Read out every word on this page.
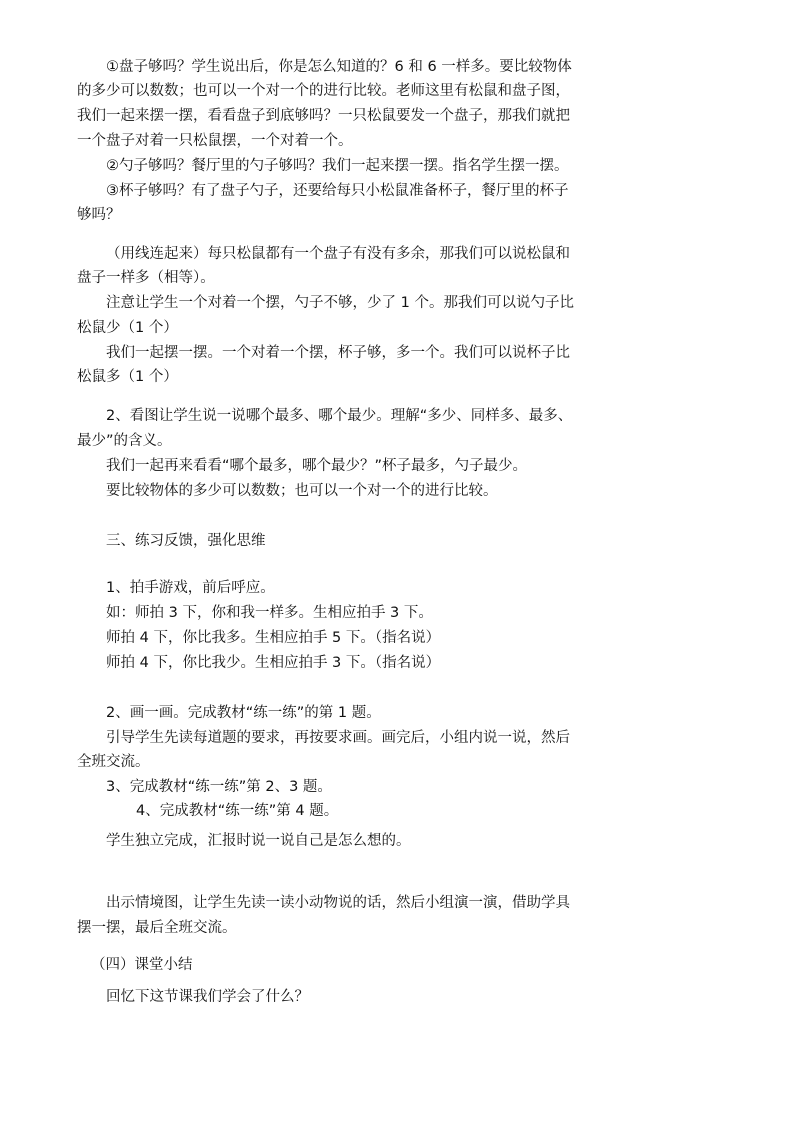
①盘子够吗？学生说出后，你是怎么知道的？6 和 6 一样多。要比较物体
的多少可以数数；也可以一个对一个的进行比较。老师这里有松鼠和盘子图，
我们一起来摆一摆，看看盘子到底够吗？一只松鼠要发一个盘子，那我们就把
一个盘子对着一只松鼠摆，一个对着一个。
②勺子够吗？餐厅里的勺子够吗？我们一起来摆一摆。指名学生摆一摆。
③杯子够吗？有了盘子勺子，还要给每只小松鼠准备杯子，餐厅里的杯子
够吗？
（用线连起来）每只松鼠都有一个盘子有没有多余，那我们可以说松鼠和
盘子一样多（相等）。
注意让学生一个对着一个摆，勺子不够，少了 1 个。那我们可以说勺子比
松鼠少（1 个）
我们一起摆一摆。一个对着一个摆，杯子够，多一个。我们可以说杯子比
松鼠多（1 个）
2、看图让学生说一说哪个最多、哪个最少。理解“多少、同样多、最多、
最少”的含义。
我们一起再来看看“哪个最多，哪个最少？”杯子最多，勺子最少。
要比较物体的多少可以数数；也可以一个对一个的进行比较。
三、练习反馈，强化思维
1、拍手游戏，前后呼应。
如：师拍 3 下，你和我一样多。生相应拍手 3 下。
师拍 4 下，你比我多。生相应拍手 5 下。（指名说）
师拍 4 下，你比我少。生相应拍手 3 下。（指名说）
2、画一画。完成教材“练一练”的第 1 题。
引导学生先读每道题的要求，再按要求画。画完后，小组内说一说，然后
全班交流。
3、完成教材“练一练”第 2、3 题。
4、完成教材“练一练”第 4 题。
学生独立完成，汇报时说一说自己是怎么想的。
出示情境图，让学生先读一读小动物说的话，然后小组演一演，借助学具
摆一摆，最后全班交流。
（四）课堂小结
回忆下这节课我们学会了什么？
